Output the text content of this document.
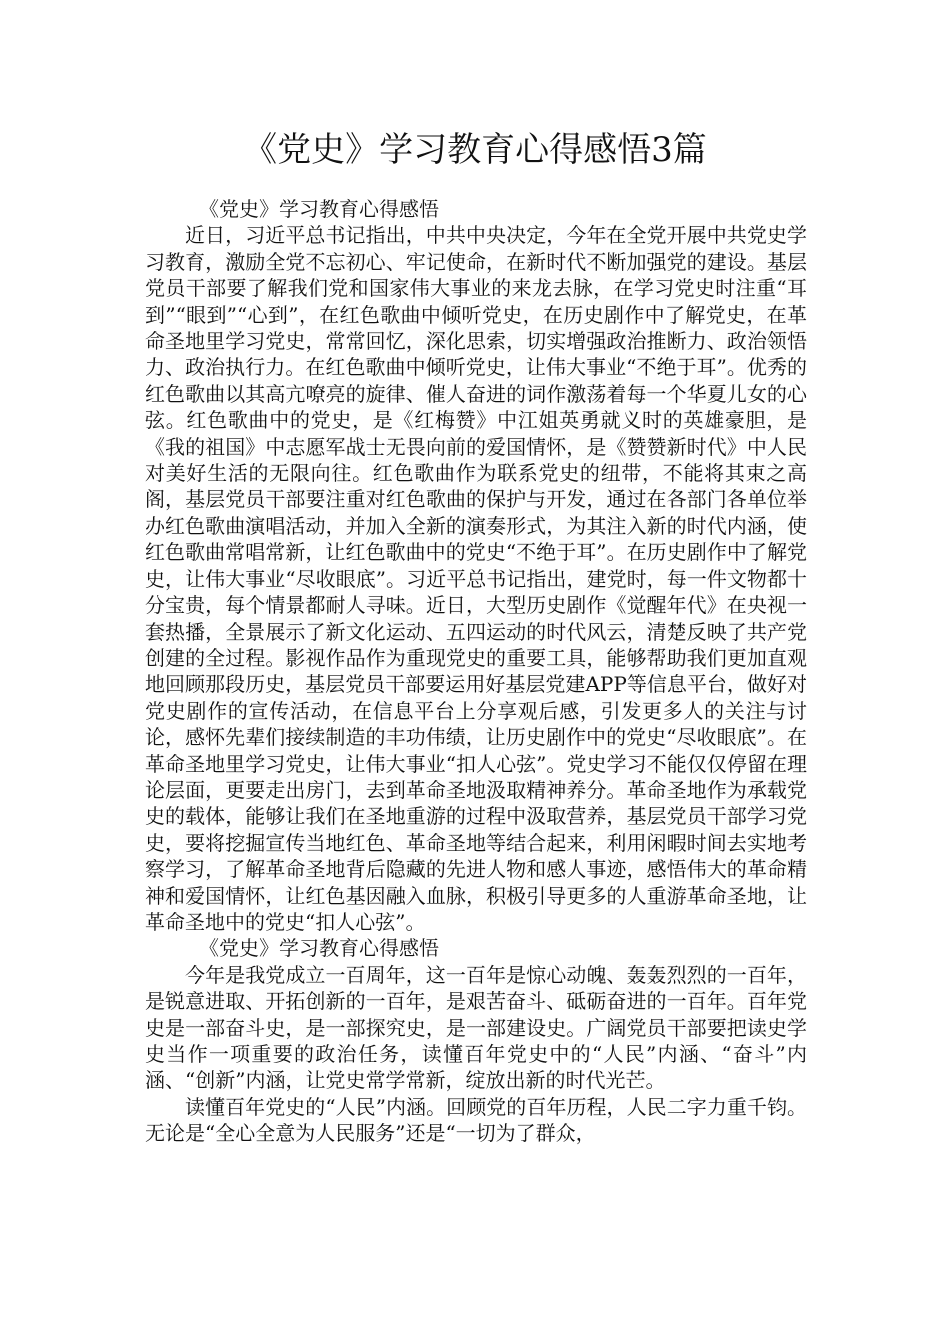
《党史》学习教育心得感悟3篇
《党史》学习教育心得感悟

近日，习近平总书记指出，中共中央决定，今年在全党开展中共党史学习教育，激励全党不忘初心、牢记使命，在新时代不断加强党的建设。基层党员干部要了解我们党和国家伟大事业的来龙去脉，在学习党史时注重“耳到”“眼到”“心到”，在红色歌曲中倾听党史，在历史剧作中了解党史，在革命圣地里学习党史，常常回忆，深化思索，切实增强政治推断力、政治领悟力、政治执行力。在红色歌曲中倾听党史，让伟大事业“不绝于耳”。优秀的红色歌曲以其高亢嘹亮的旋律、催人奋进的词作激荡着每一个华夏儿女的心弦。红色歌曲中的党史，是《红梅赞》中江姐英勇就义时的英雄豪胆，是《我的祖国》中志愿军战士无畏向前的爱国情怀，是《赞赞新时代》中人民对美好生活的无限向往。红色歌曲作为联系党史的纽带，不能将其束之高阁，基层党员干部要注重对红色歌曲的保护与开发，通过在各部门各单位举办红色歌曲演唱活动，并加入全新的演奏形式，为其注入新的时代内涵，使红色歌曲常唱常新，让红色歌曲中的党史“不绝于耳”。在历史剧作中了解党史，让伟大事业“尽收眼底”。习近平总书记指出，建党时，每一件文物都十分宝贵，每个情景都耐人寻味。近日，大型历史剧作《觉醒年代》在央视一套热播，全景展示了新文化运动、五四运动的时代风云，清楚反映了共产党创建的全过程。影视作品作为重现党史的重要工具，能够帮助我们更加直观地回顾那段历史，基层党员干部要运用好基层党建APP等信息平台，做好对党史剧作的宣传活动，在信息平台上分享观后感，引发更多人的关注与讨论，感怀先辈们接续制造的丰功伟绩，让历史剧作中的党史“尽收眼底”。在革命圣地里学习党史，让伟大事业“扣人心弦”。党史学习不能仅仅停留在理论层面，更要走出房门，去到革命圣地汲取精神养分。革命圣地作为承载党史的载体，能够让我们在圣地重游的过程中汲取营养，基层党员干部学习党史，要将挖掘宣传当地红色、革命圣地等结合起来，利用闲暇时间去实地考察学习，了解革命圣地背后隐藏的先进人物和感人事迹，感悟伟大的革命精神和爱国情怀，让红色基因融入血脉，积极引导更多的人重游革命圣地，让革命圣地中的党史“扣人心弦”。

《党史》学习教育心得感悟

今年是我党成立一百周年，这一百年是惊心动魄、轰轰烈烈的一百年，是锐意进取、开拓创新的一百年，是艰苦奋斗、砥砺奋进的一百年。百年党史是一部奋斗史，是一部探究史，是一部建设史。广阔党员干部要把读史学史当作一项重要的政治任务，读懂百年党史中的“人民”内涵、“奋斗”内涵、“创新”内涵，让党史常学常新，绽放出新的时代光芒。

读懂百年党史的“人民”内涵。回顾党的百年历程，人民二字力重千钧。无论是“全心全意为人民服务”还是“一切为了群众，
